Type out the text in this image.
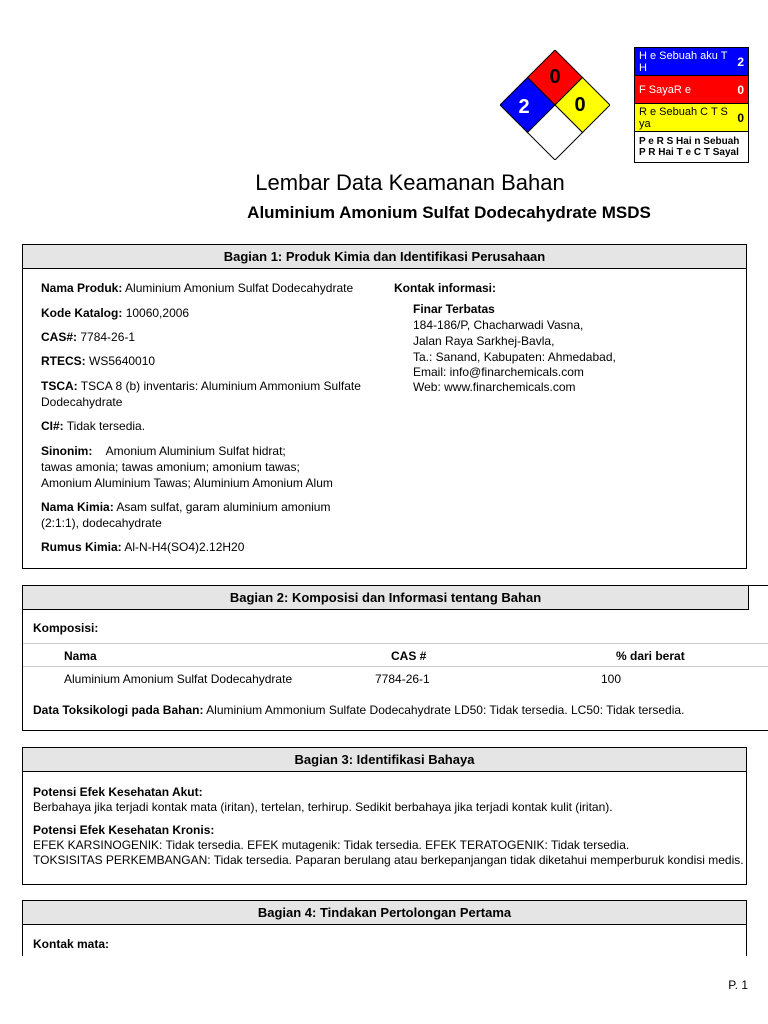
0
2 0
H e Sebuah aku T H	2
F SayaR e	0
R e Sebuah C T S ya	0
P e R S Hai n Sebuah
P R Hai T e C T Sayal
Lembar Data Keamanan Bahan
Aluminium Amonium Sulfat Dodecahydrate MSDS
Bagian 1: Produk Kimia dan Identifikasi Perusahaan
Nama Produk: Aluminium Amonium Sulfat Dodecahydrate
Kode Katalog: 10060,2006
CAS#: 7784-26-1
RTECS: WS5640010
TSCA: TSCA 8 (b) inventaris: Aluminium Ammonium Sulfate
Dodecahydrate
CI#: Tidak tersedia.
Sinonim: Amonium Aluminium Sulfat hidrat;
tawas amonia; tawas amonium; amonium tawas;
Amonium Aluminium Tawas; Aluminium Amonium Alum
Nama Kimia: Asam sulfat, garam aluminium amonium
(2:1:1), dodecahydrate
Rumus Kimia: Al-N-H4(SO4)2.12H20
Kontak informasi:
Finar Terbatas
184-186/P, Chacharwadi Vasna,
Jalan Raya Sarkhej-Bavla,
Ta.: Sanand, Kabupaten: Ahmedabad,
Email: info@finarchemicals.com
Web: www.finarchemicals.com
Bagian 2: Komposisi dan Informasi tentang Bahan
Komposisi:
Nama	CAS #	% dari berat
Aluminium Amonium Sulfat Dodecahydrate	7784-26-1	100
Data Toksikologi pada Bahan: Aluminium Ammonium Sulfate Dodecahydrate LD50: Tidak tersedia. LC50: Tidak tersedia.
Bagian 3: Identifikasi Bahaya
Potensi Efek Kesehatan Akut:
Berbahaya jika terjadi kontak mata (iritan), tertelan, terhirup. Sedikit berbahaya jika terjadi kontak kulit (iritan).
Potensi Efek Kesehatan Kronis:
EFEK KARSINOGENIK: Tidak tersedia. EFEK mutagenik: Tidak tersedia. EFEK TERATOGENIK: Tidak tersedia.
TOKSISITAS PERKEMBANGAN: Tidak tersedia. Paparan berulang atau berkepanjangan tidak diketahui memperburuk kondisi medis.
Bagian 4: Tindakan Pertolongan Pertama
Kontak mata:
P. 1
